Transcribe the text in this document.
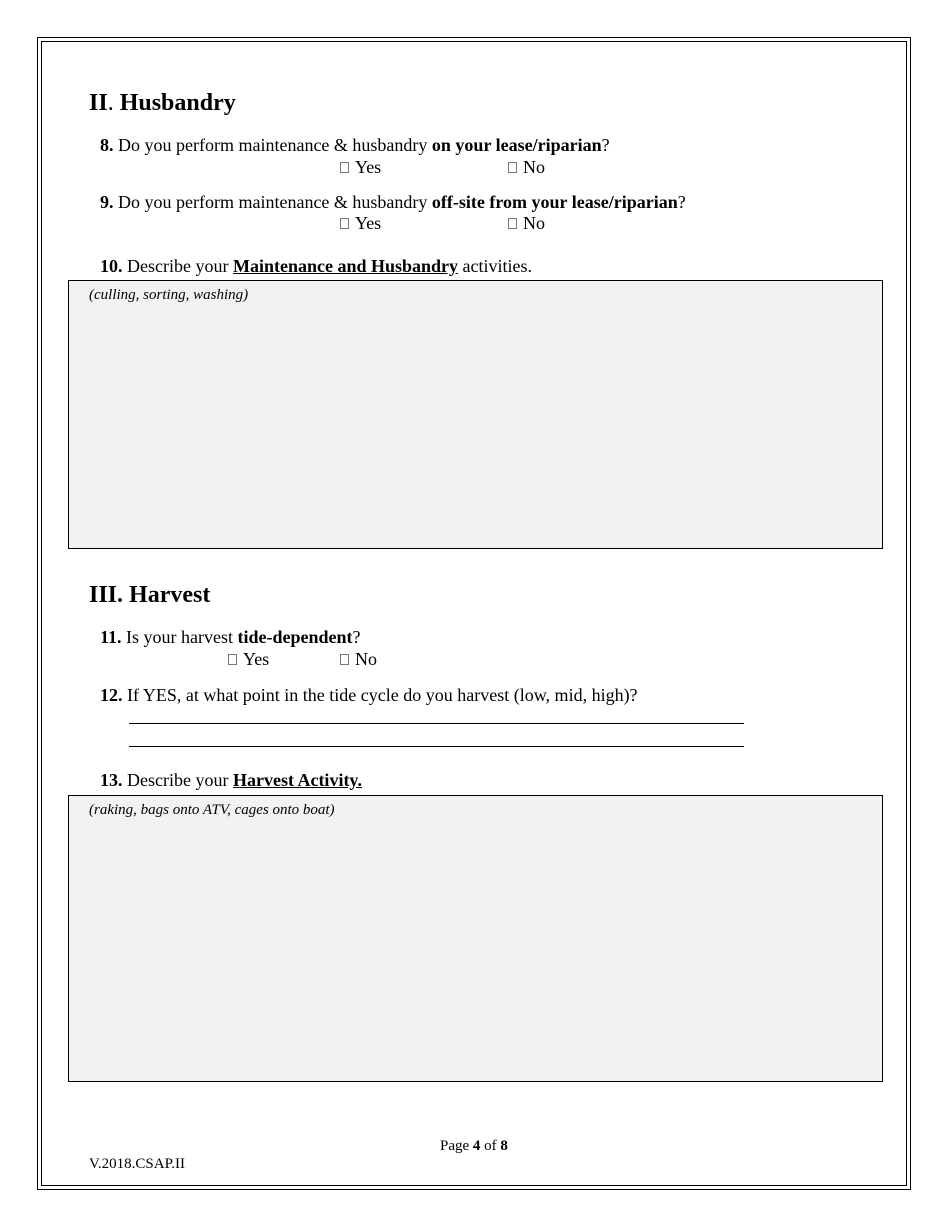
II. Husbandry
8. Do you perform maintenance & husbandry on your lease/riparian?
Yes	No
9. Do you perform maintenance & husbandry off-site from your lease/riparian?
Yes	No
10. Describe your Maintenance and Husbandry activities.
(culling, sorting, washing)
III. Harvest
11. Is your harvest tide-dependent?
Yes	No
12. If YES, at what point in the tide cycle do you harvest (low, mid, high)?
13. Describe your Harvest Activity.
(raking, bags onto ATV, cages onto boat)
Page 4 of 8
V.2018.CSAP.II
